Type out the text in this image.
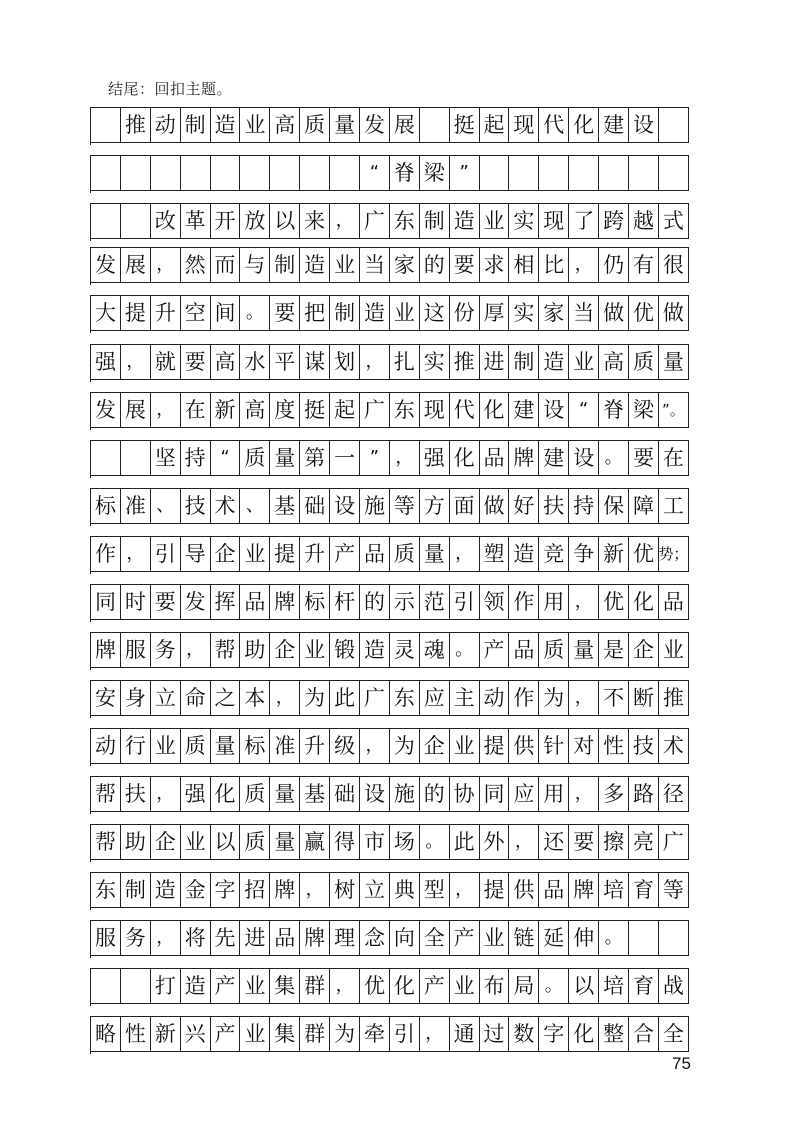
结尾：回扣主题。
推 动 制 造 业 高 质 量 发 展 挺 起 现 代 化 建 设
“ 脊 梁 ”
改 革 开 放 以 来 ， 广 东 制 造 业 实 现 了 跨 越 式
发 展 ， 然 而 与 制 造 业 当 家 的 要 求 相 比 ， 仍 有 很
大 提 升 空 间 。 要 把 制 造 业 这 份 厚 实 家 当 做 优 做
强 ， 就 要 高 水 平 谋 划 ， 扎 实 推 进 制 造 业 高 质 量
发 展 ， 在 新 高 度 挺 起 广 东 现 代 化 建 设 “ 脊 梁 ”。
坚 持 “ 质 量 第 一 ” ， 强 化 品 牌 建 设 。 要 在
标 准 、 技 术 、 基 础 设 施 等 方 面 做 好 扶 持 保 障 工
作 ， 引 导 企 业 提 升 产 品 质 量 ， 塑 造 竞 争 新 优 势；
同 时 要 发 挥 品 牌 标 杆 的 示 范 引 领 作 用 ， 优 化 品
牌 服 务 ， 帮 助 企 业 锻 造 灵 魂 。 产 品 质 量 是 企 业
安 身 立 命 之 本 ， 为 此 广 东 应 主 动 作 为 ， 不 断 推
动 行 业 质 量 标 准 升 级 ， 为 企 业 提 供 针 对 性 技 术
帮 扶 ， 强 化 质 量 基 础 设 施 的 协 同 应 用 ， 多 路 径
帮 助 企 业 以 质 量 赢 得 市 场 。 此 外 ， 还 要 擦 亮 广
东 制 造 金 字 招 牌 ， 树 立 典 型 ， 提 供 品 牌 培 育 等
服 务 ， 将 先 进 品 牌 理 念 向 全 产 业 链 延 伸 。
打 造 产 业 集 群 ， 优 化 产 业 布 局 。 以 培 育 战
略 性 新 兴 产 业 集 群 为 牵 引 ， 通 过 数 字 化 整 合 全
75
